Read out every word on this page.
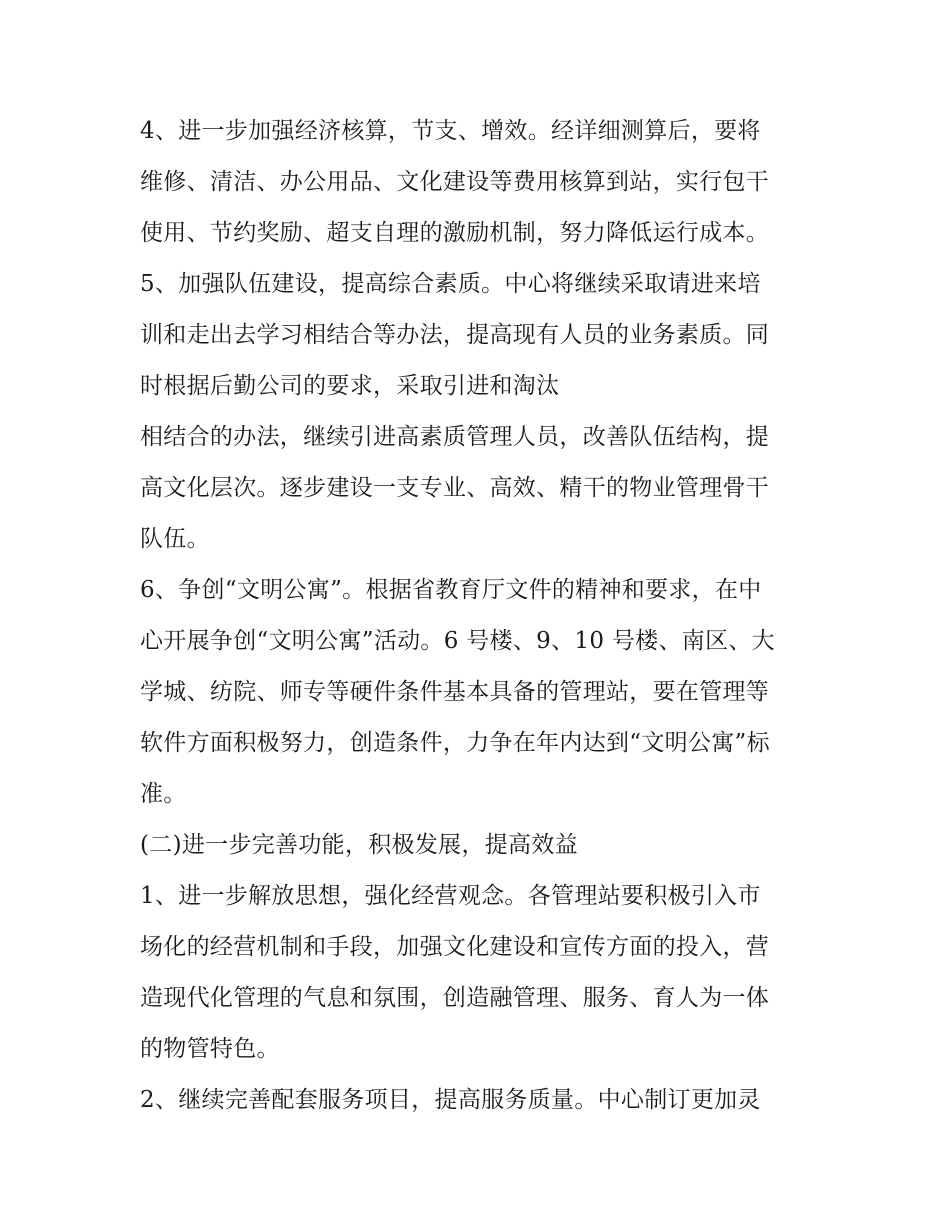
4、进一步加强经济核算，节支、增效。经详细测算后，要将
维修、清洁、办公用品、文化建设等费用核算到站，实行包干
使用、节约奖励、超支自理的激励机制，努力降低运行成本。
5、加强队伍建设，提高综合素质。中心将继续采取请进来培
训和走出去学习相结合等办法，提高现有人员的业务素质。同
时根据后勤公司的要求，采取引进和淘汰
相结合的办法，继续引进高素质管理人员，改善队伍结构，提
高文化层次。逐步建设一支专业、高效、精干的物业管理骨干
队伍。
6、争创“文明公寓”。根据省教育厅文件的精神和要求，在中
心开展争创“文明公寓”活动。6 号楼、9、10 号楼、南区、大
学城、纺院、师专等硬件条件基本具备的管理站，要在管理等
软件方面积极努力，创造条件，力争在年内达到“文明公寓”标
准。
(二)进一步完善功能，积极发展，提高效益
1、进一步解放思想，强化经营观念。各管理站要积极引入市
场化的经营机制和手段，加强文化建设和宣传方面的投入，营
造现代化管理的气息和氛围，创造融管理、服务、育人为一体
的物管特色。
2、继续完善配套服务项目，提高服务质量。中心制订更加灵
